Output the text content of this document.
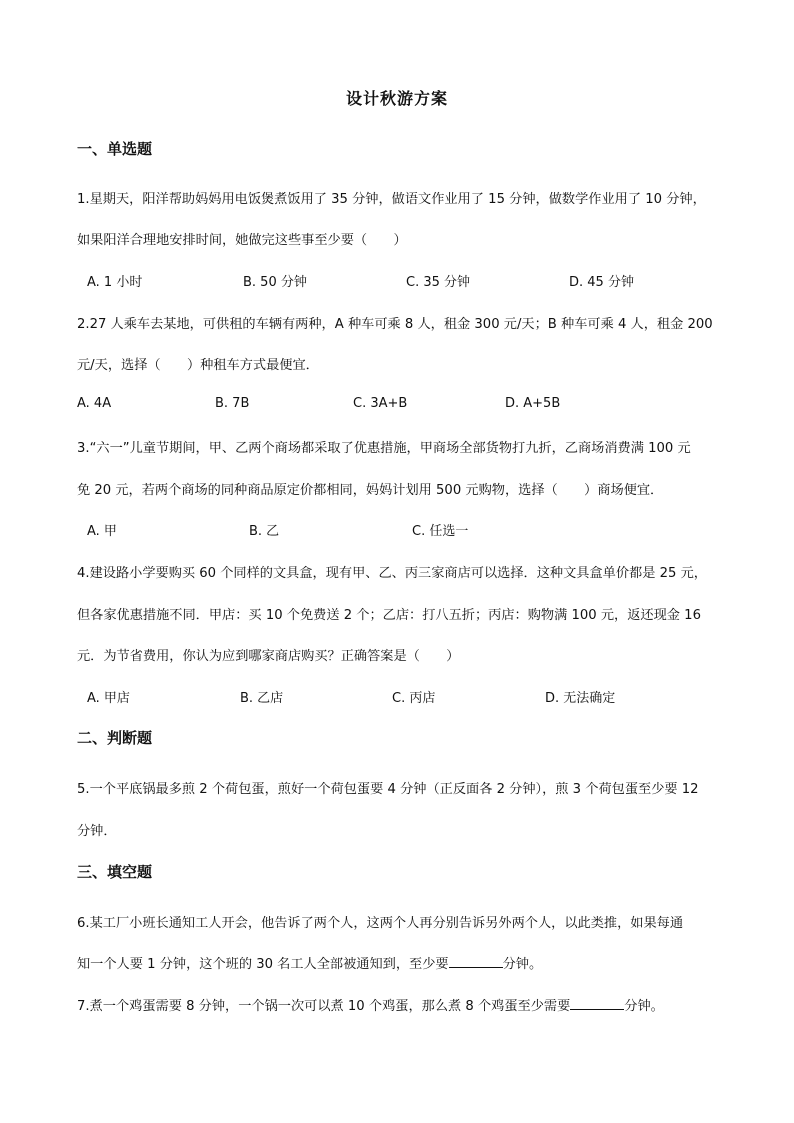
设计秋游方案
一、单选题
1.星期天，阳洋帮助妈妈用电饭煲煮饭用了 35 分钟，做语文作业用了 15 分钟，做数学作业用了 10 分钟，
如果阳洋合理地安排时间，她做完这些事至少要（　　）
A. 1 小时	B. 50 分钟	C. 35 分钟	D. 45 分钟
2.27 人乘车去某地，可供租的车辆有两种，A 种车可乘 8 人，租金 300 元/天；B 种车可乘 4 人，租金 200
元/天，选择（　　）种租车方式最便宜．
A. 4A	B. 7B	C. 3A+B	D. A+5B
3.“六一”儿童节期间，甲、乙两个商场都采取了优惠措施，甲商场全部货物打九折，乙商场消费满 100 元
免 20 元，若两个商场的同种商品原定价都相同，妈妈计划用 500 元购物，选择（　　）商场便宜．
A. 甲	B. 乙	C. 任选一
4.建设路小学要购买 60 个同样的文具盒，现有甲、乙、丙三家商店可以选择．这种文具盒单价都是 25 元，
但各家优惠措施不同．甲店：买 10 个免费送 2 个；乙店：打八五折；丙店：购物满 100 元，返还现金 16
元．为节省费用，你认为应到哪家商店购买？正确答案是（　　）
A. 甲店	B. 乙店	C. 丙店	D. 无法确定
二、判断题
5.一个平底锅最多煎 2 个荷包蛋，煎好一个荷包蛋要 4 分钟（正反面各 2 分钟），煎 3 个荷包蛋至少要 12
分钟．
三、填空题
6.某工厂小班长通知工人开会，他告诉了两个人，这两个人再分别告诉另外两个人，以此类推，如果每通
知一个人要 1 分钟，这个班的 30 名工人全部被通知到，至少要	分钟。
7.煮一个鸡蛋需要 8 分钟，一个锅一次可以煮 10 个鸡蛋，那么煮 8 个鸡蛋至少需要	分钟。
